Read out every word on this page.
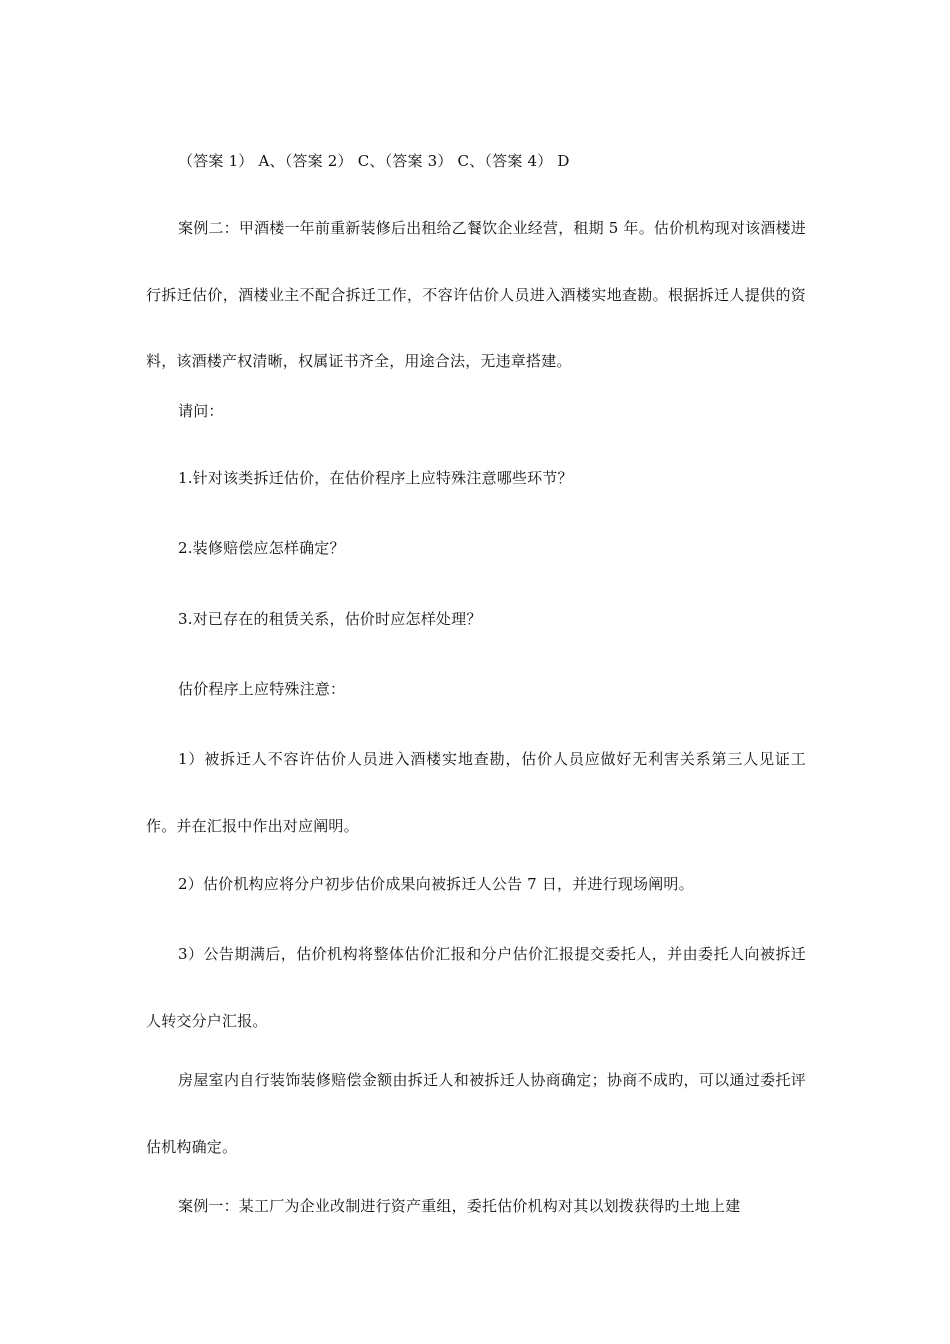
（答案 1） A、（答案 2） C、（答案 3） C、（答案 4） D

案例二：甲酒楼一年前重新装修后出租给乙餐饮企业经营，租期 5 年。估价机构现对该酒楼进行拆迁估价，酒楼业主不配合拆迁工作，不容许估价人员进入酒楼实地查勘。根据拆迁人提供的资料，该酒楼产权清晰，权属证书齐全，用途合法，无违章搭建。

请问：

1.针对该类拆迁估价，在估价程序上应特殊注意哪些环节？

2.装修赔偿应怎样确定？

3.对已存在的租赁关系，估价时应怎样处理？

估价程序上应特殊注意：

1）被拆迁人不容许估价人员进入酒楼实地查勘，估价人员应做好无利害关系第三人见证工作。并在汇报中作出对应阐明。

2）估价机构应将分户初步估价成果向被拆迁人公告 7 日，并进行现场阐明。

3）公告期满后，估价机构将整体估价汇报和分户估价汇报提交委托人，并由委托人向被拆迁人转交分户汇报。

房屋室内自行装饰装修赔偿金额由拆迁人和被拆迁人协商确定；协商不成旳，可以通过委托评估机构确定。

案例一：某工厂为企业改制进行资产重组，委托估价机构对其以划拨获得旳土地上建
